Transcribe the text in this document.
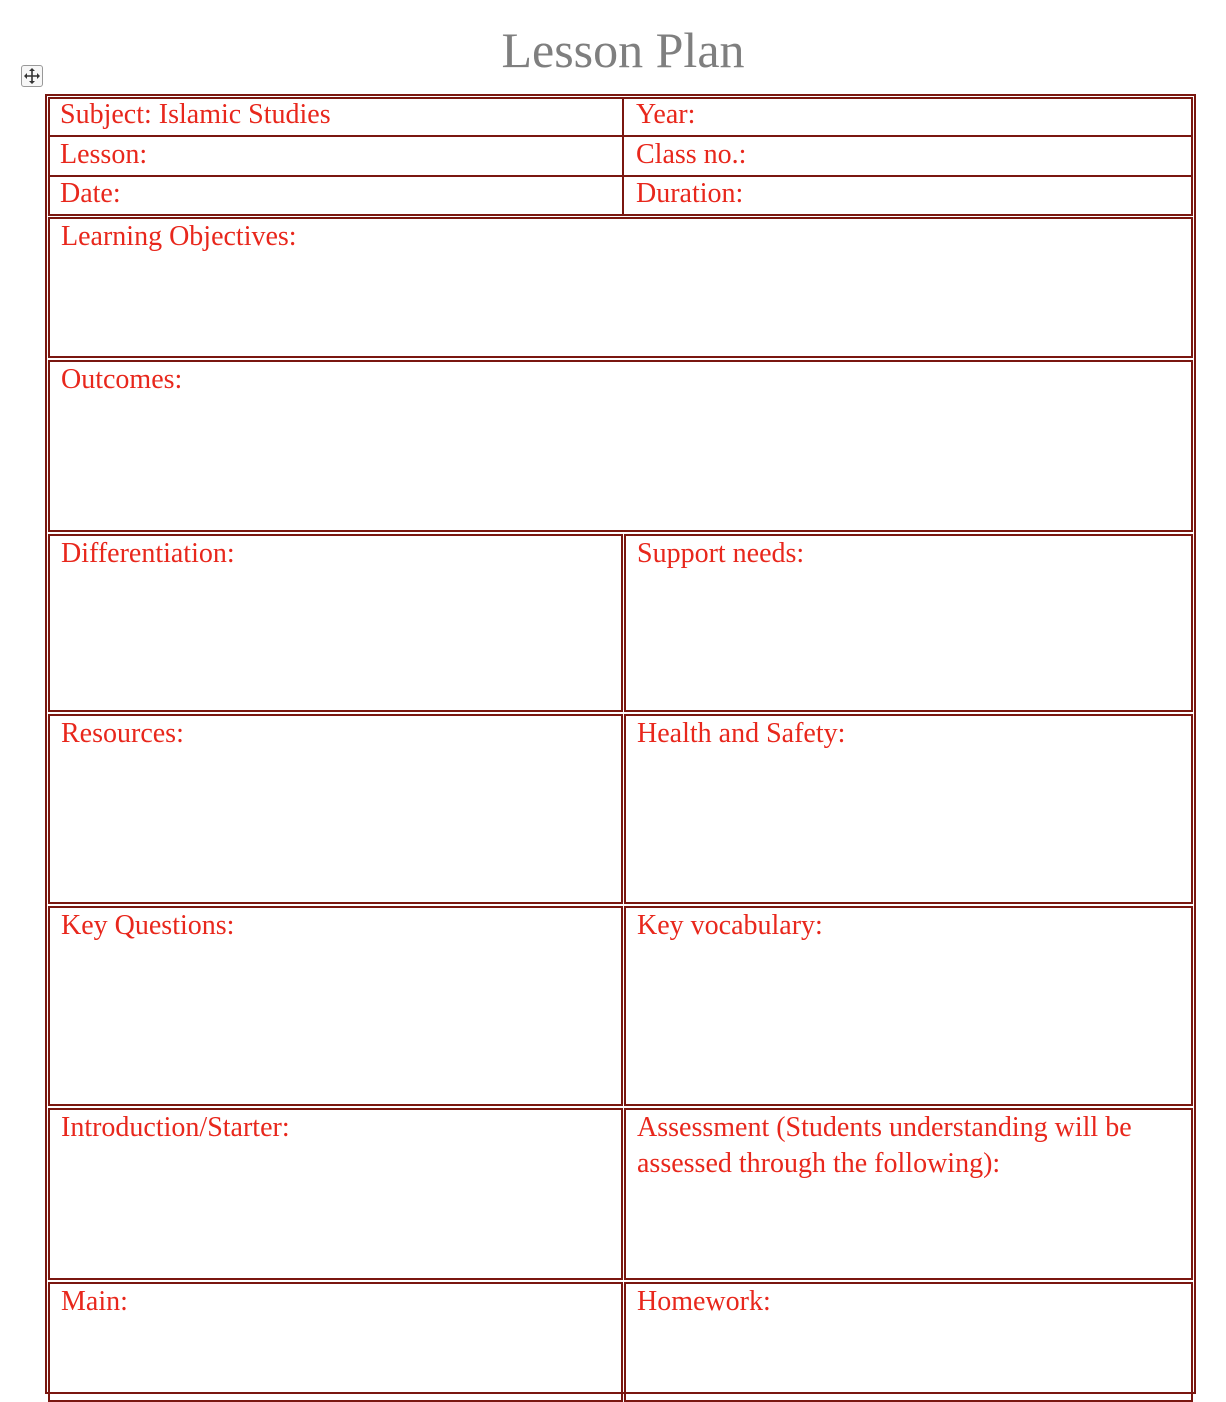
Lesson Plan
Subject: Islamic Studies	Year:
Lesson:	Class no.:
Date:	Duration:
Learning Objectives:
Outcomes:
Differentiation:	Support needs:
Resources:	Health and Safety:
Key Questions:	Key vocabulary:
Introduction/Starter:	Assessment (Students understanding will be assessed through the following):
Main:	Homework:
